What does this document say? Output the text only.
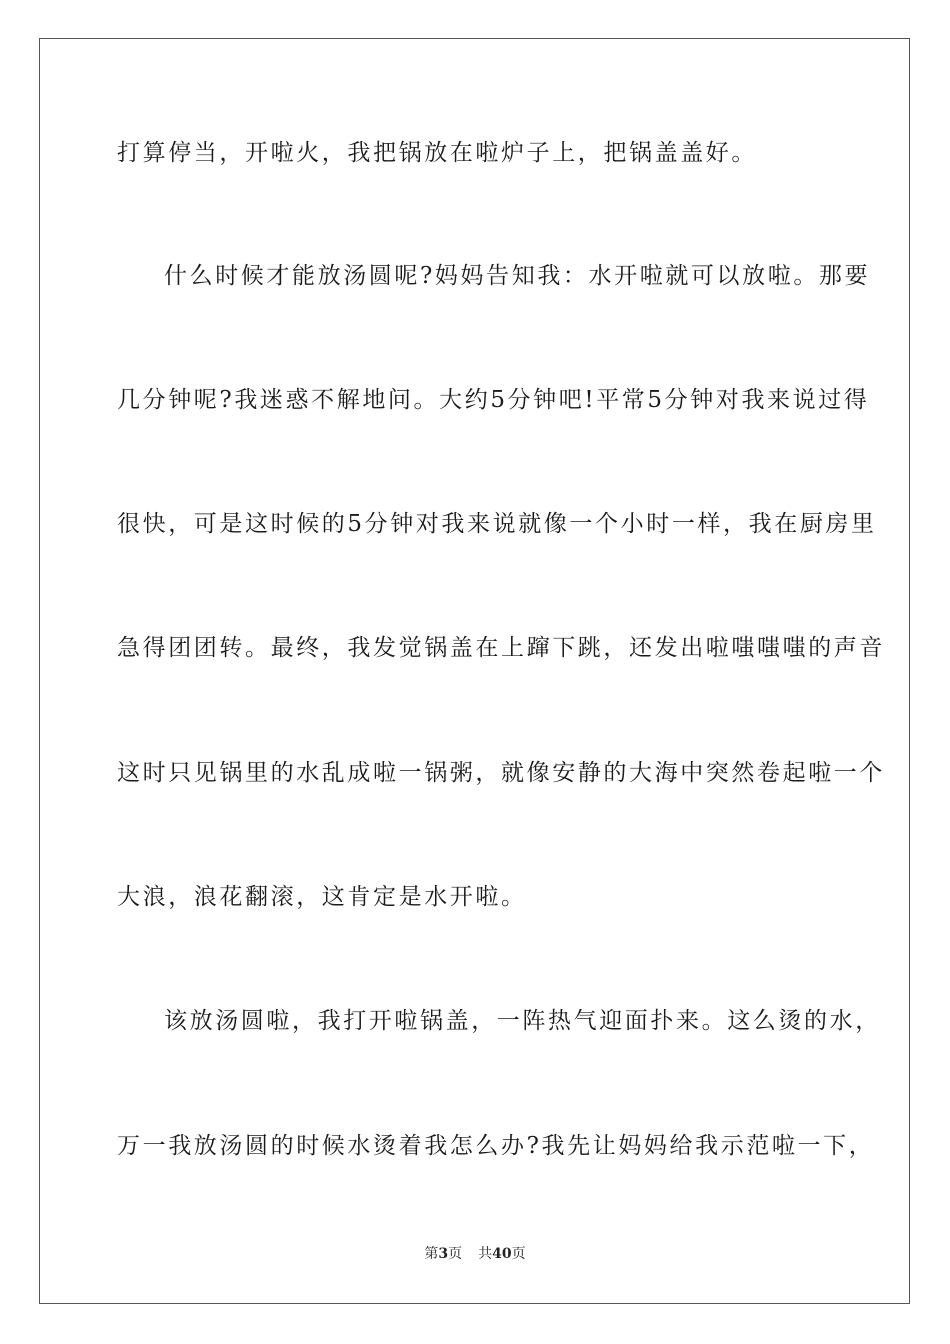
打算停当，开啦火，我把锅放在啦炉子上，把锅盖盖好。
什么时候才能放汤圆呢?妈妈告知我：水开啦就可以放啦。那要
几分钟呢?我迷惑不解地问。大约5分钟吧!平常5分钟对我来说过得
很快，可是这时候的5分钟对我来说就像一个小时一样，我在厨房里
急得团团转。最终，我发觉锅盖在上蹿下跳，还发出啦嗤嗤嗤的声音
这时只见锅里的水乱成啦一锅粥，就像安静的大海中突然卷起啦一个
大浪，浪花翻滚，这肯定是水开啦。
该放汤圆啦，我打开啦锅盖，一阵热气迎面扑来。这么烫的水，
万一我放汤圆的时候水烫着我怎么办?我先让妈妈给我示范啦一下，
第3页 共40页
